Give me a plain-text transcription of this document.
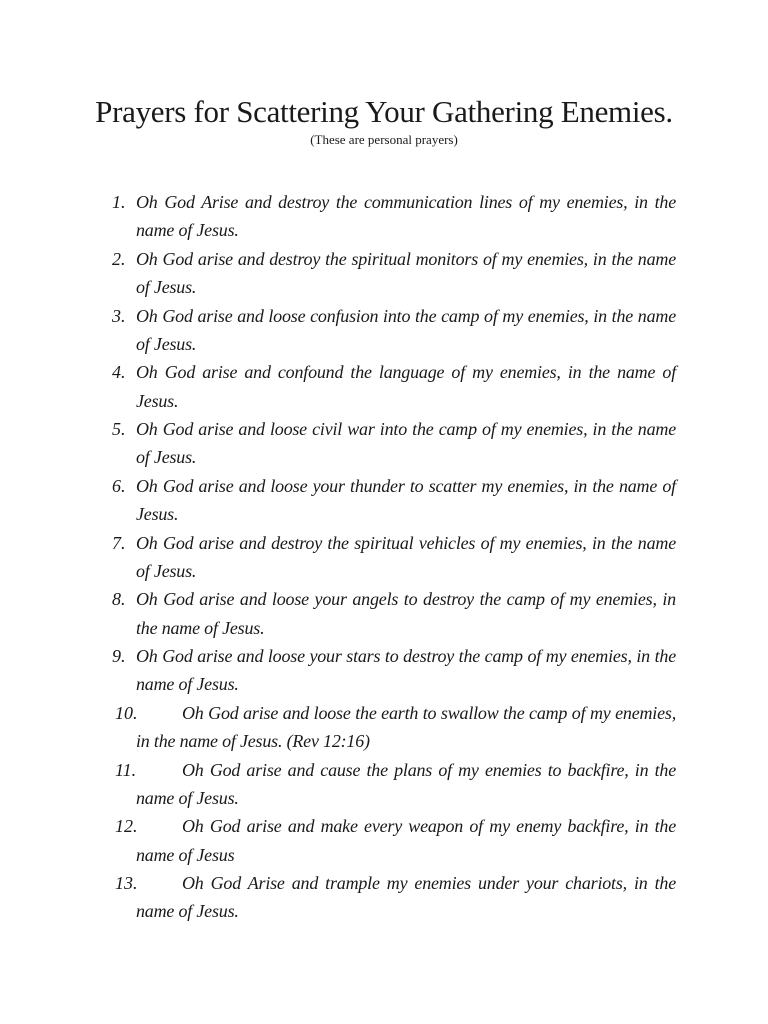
Prayers for Scattering Your Gathering Enemies.
(These are personal prayers)
1. Oh God Arise and destroy the communication lines of my enemies, in the name of Jesus.
2. Oh God arise and destroy the spiritual monitors of my enemies, in the name of Jesus.
3. Oh God arise and loose confusion into the camp of my enemies, in the name of Jesus.
4. Oh God arise and confound the language of my enemies, in the name of Jesus.
5. Oh God arise and loose civil war into the camp of my enemies, in the name of Jesus.
6. Oh God arise and loose your thunder to scatter my enemies, in the name of Jesus.
7. Oh God arise and destroy the spiritual vehicles of my enemies, in the name of Jesus.
8. Oh God arise and loose your angels to destroy the camp of my enemies, in the name of Jesus.
9. Oh God arise and loose your stars to destroy the camp of my enemies, in the name of Jesus.
10.	Oh God arise and loose the earth to swallow the camp of my enemies, in the name of Jesus. (Rev 12:16)
11.	Oh God arise and cause the plans of my enemies to backfire, in the name of Jesus.
12.	Oh God arise and make every weapon of my enemy backfire, in the name of Jesus
13.	Oh God Arise and trample my enemies under your chariots, in the name of Jesus.
